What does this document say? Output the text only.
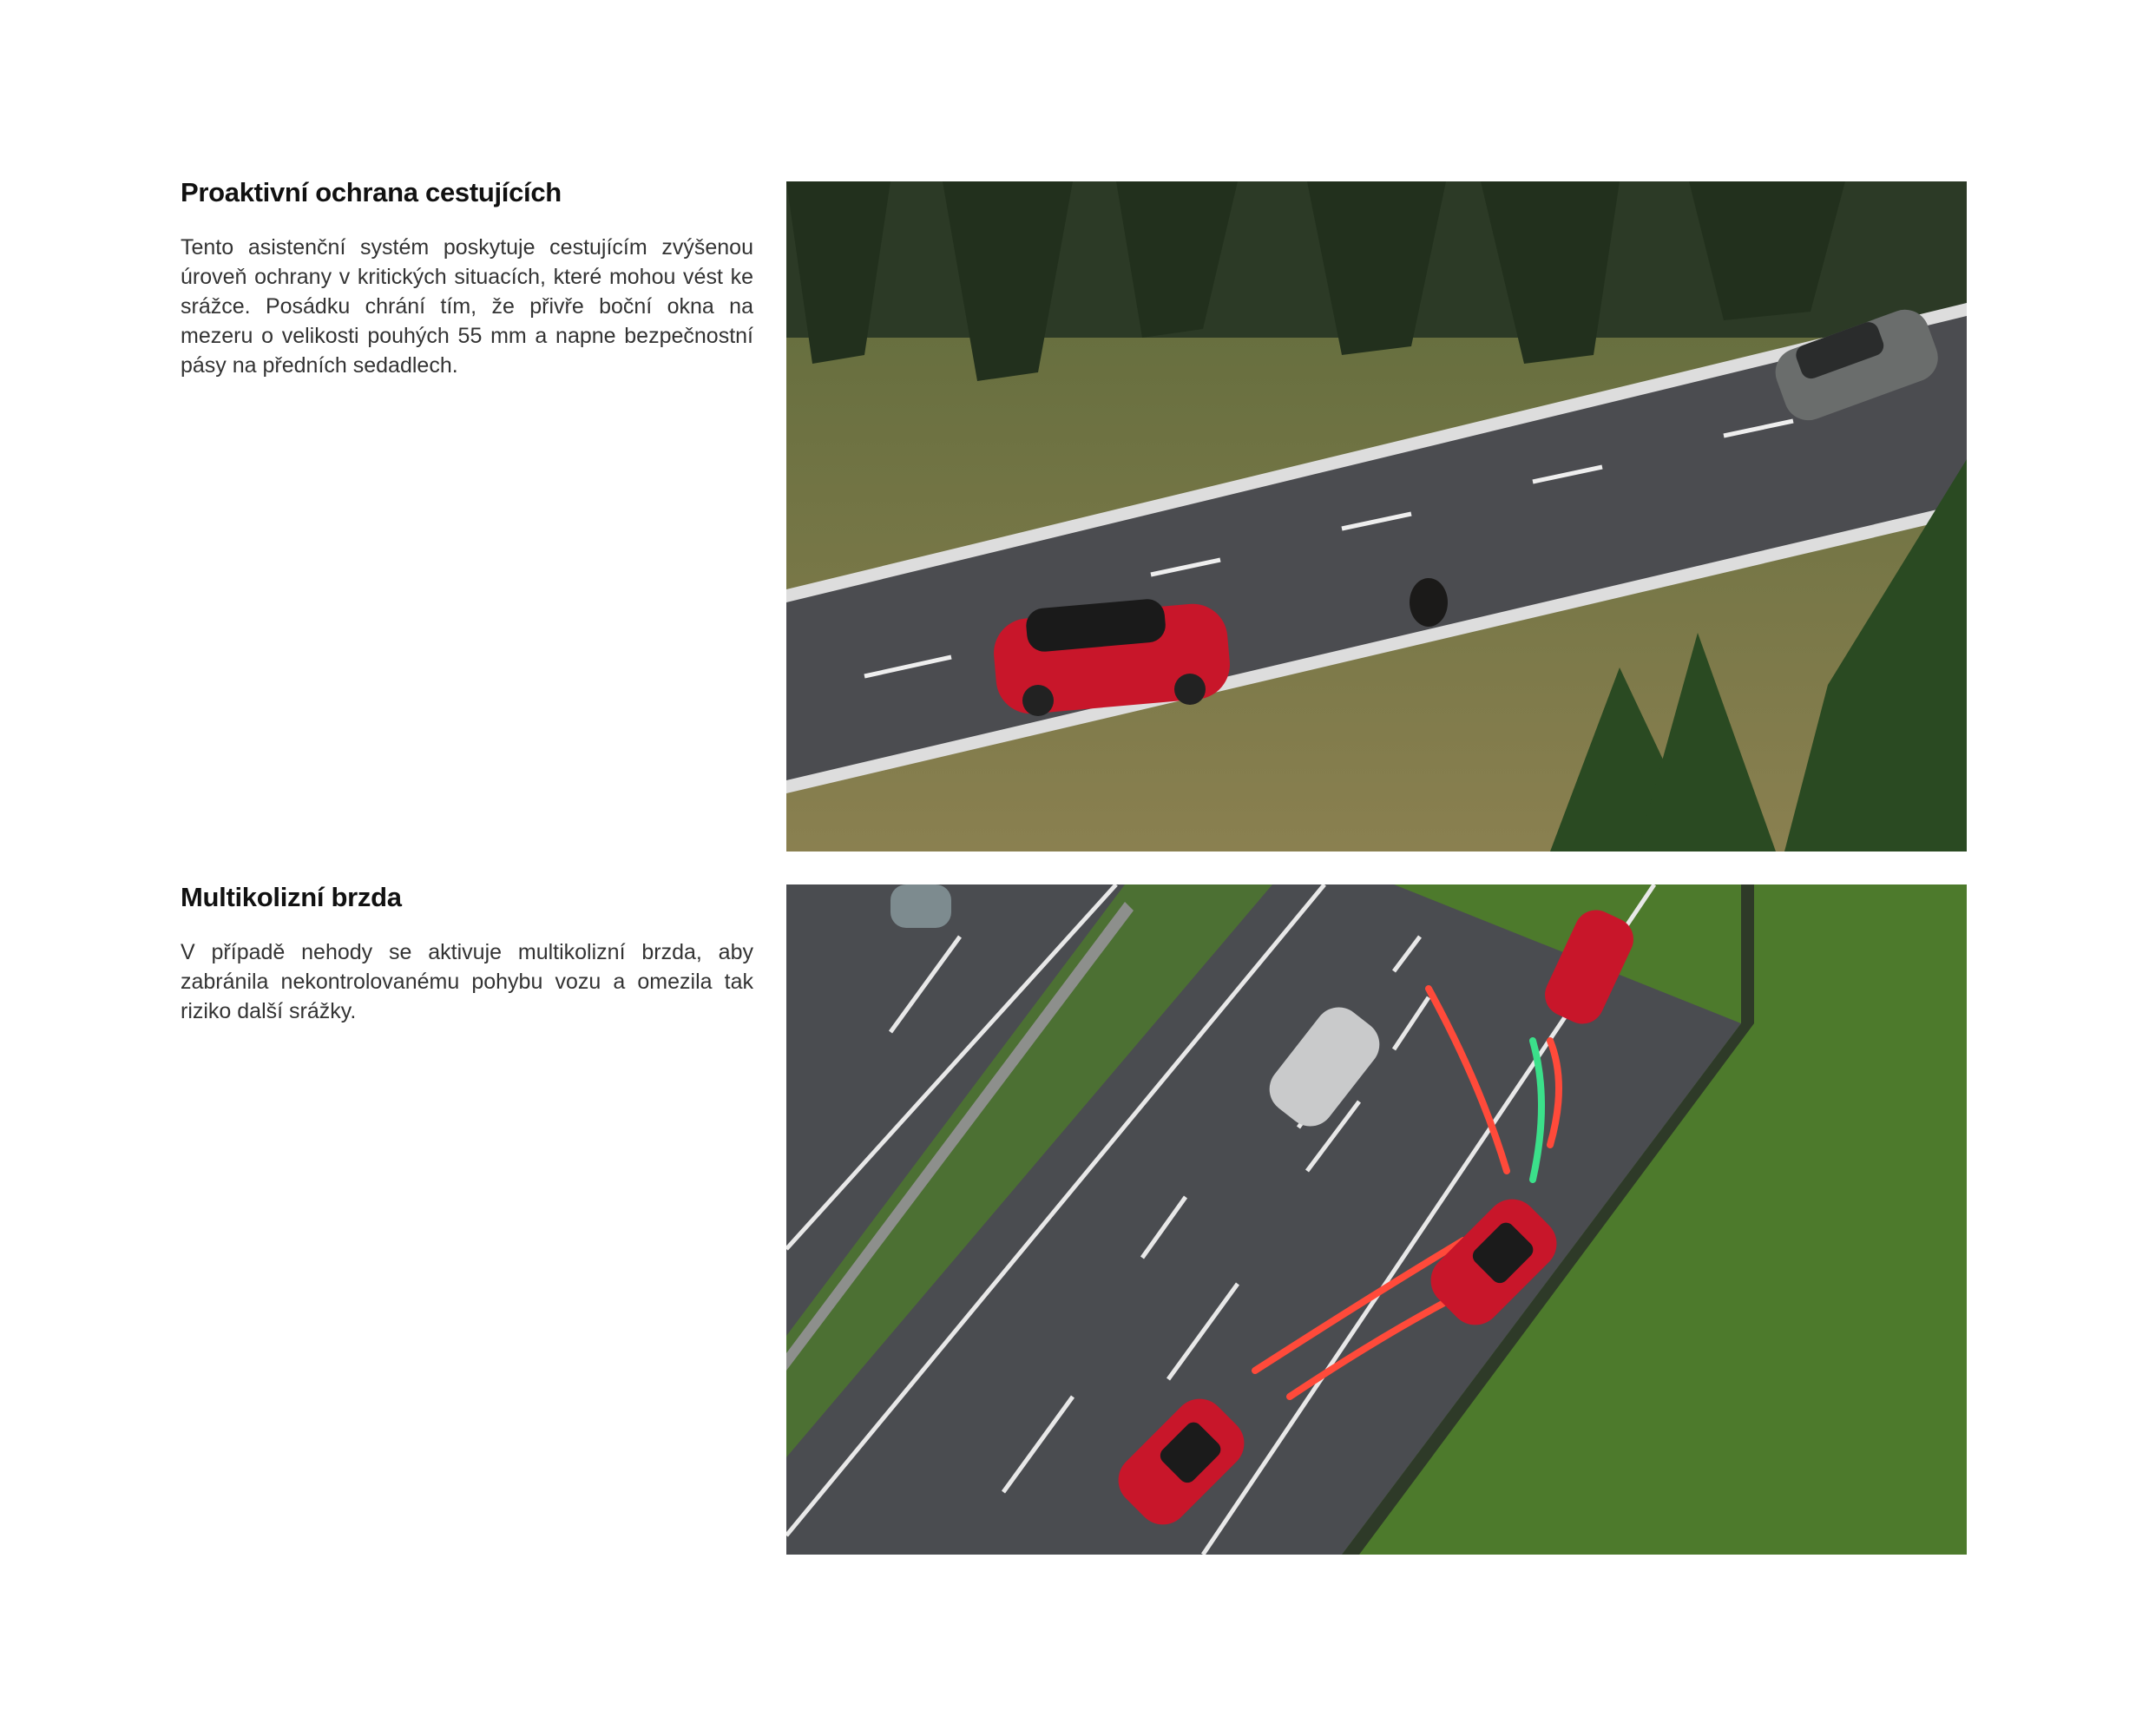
Proaktivní ochrana cestujících

Tento asistenční systém poskytuje cestujícím zvýšenou úroveň ochrany v kritických situacích, které mohou vést ke srážce. Posádku chrání tím, že přivře boční okna na mezeru o velikosti pouhých 55 mm a napne bezpečnostní pásy na předních sedadlech.

Multikolizní brzda

V případě nehody se aktivuje multikolizní brzda, aby zabránila nekontrolovanému pohybu vozu a omezila tak riziko další srážky.
